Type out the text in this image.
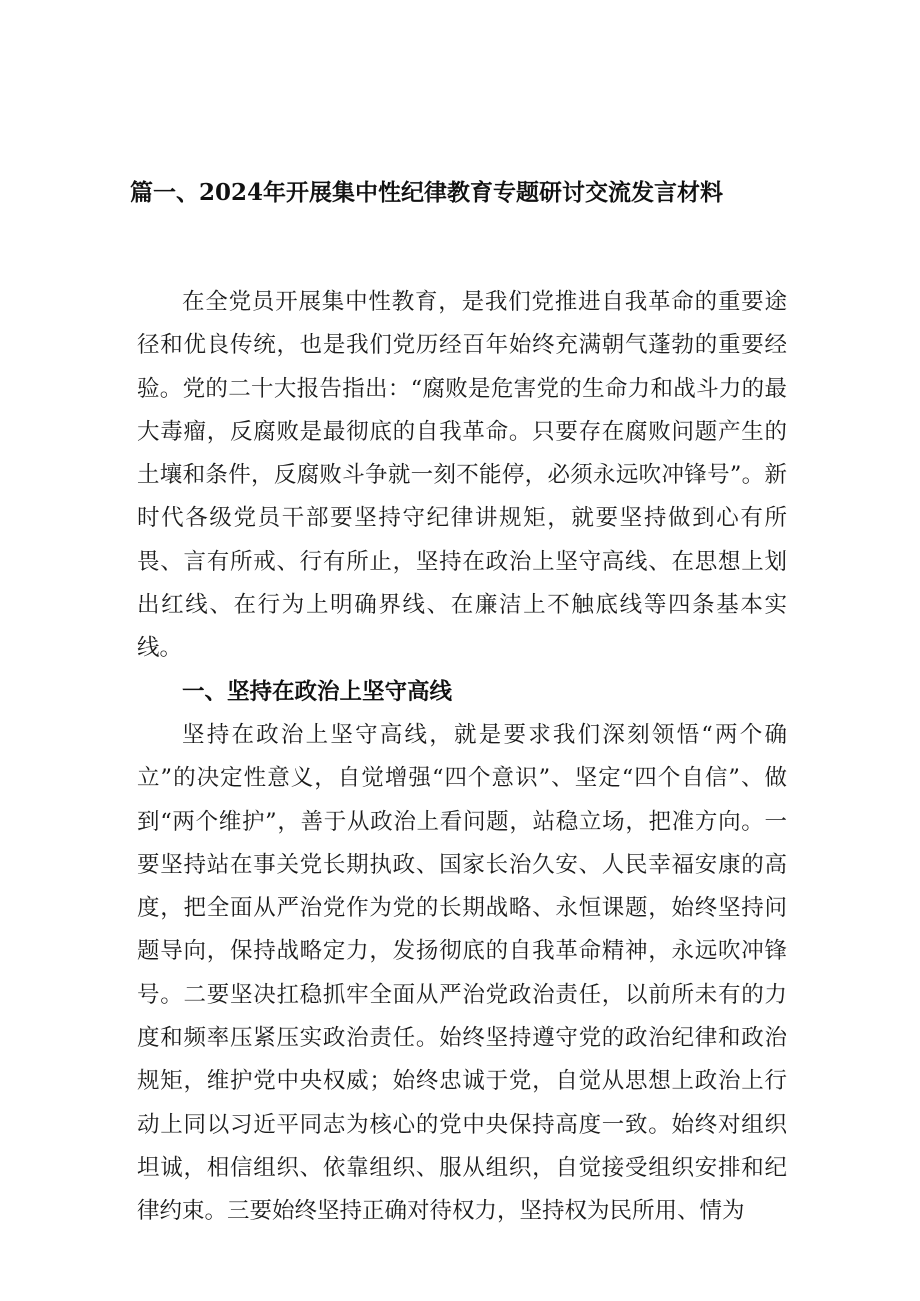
篇一、2024年开展集中性纪律教育专题研讨交流发言材料

在全党员开展集中性教育，是我们党推进自我革命的重要途径和优良传统，也是我们党历经百年始终充满朝气蓬勃的重要经验。党的二十大报告指出：“腐败是危害党的生命力和战斗力的最大毒瘤，反腐败是最彻底的自我革命。只要存在腐败问题产生的土壤和条件，反腐败斗争就一刻不能停，必须永远吹冲锋号”。新时代各级党员干部要坚持守纪律讲规矩，就要坚持做到心有所畏、言有所戒、行有所止，坚持在政治上坚守高线、在思想上划出红线、在行为上明确界线、在廉洁上不触底线等四条基本实线。

一、坚持在政治上坚守高线

坚持在政治上坚守高线，就是要求我们深刻领悟“两个确立”的决定性意义，自觉增强“四个意识”、坚定“四个自信”、做到“两个维护”，善于从政治上看问题，站稳立场，把准方向。一要坚持站在事关党长期执政、国家长治久安、人民幸福安康的高度，把全面从严治党作为党的长期战略、永恒课题，始终坚持问题导向，保持战略定力，发扬彻底的自我革命精神，永远吹冲锋号。二要坚决扛稳抓牢全面从严治党政治责任，以前所未有的力度和频率压紧压实政治责任。始终坚持遵守党的政治纪律和政治规矩，维护党中央权威；始终忠诚于党，自觉从思想上政治上行动上同以习近平同志为核心的党中央保持高度一致。始终对组织坦诚，相信组织、依靠组织、服从组织，自觉接受组织安排和纪律约束。三要始终坚持正确对待权力，坚持权为民所用、情为
